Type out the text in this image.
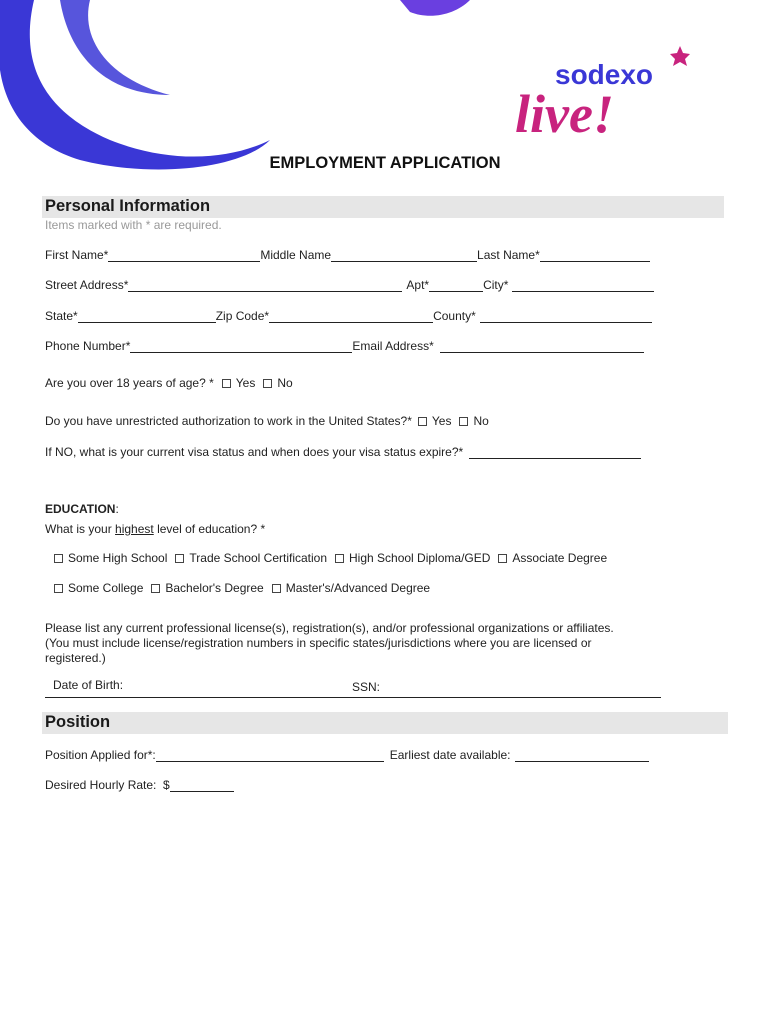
sodexo
live!
EMPLOYMENT APPLICATION
Personal Information
Items marked with * are required.
First Name*	Middle Name	Last Name*
Street Address*	Apt*	City*
State*	Zip Code*	County*
Phone Number*	Email Address*
Are you over 18 years of age? * Yes No
Do you have unrestricted authorization to work in the United States?* Yes No
If NO, what is your current visa status and when does your visa status expire?*
EDUCATION :
What is your highest level of education? *
Some High School Trade School Certification High School Diploma/GED Associate Degree
Some College Bachelor's Degree Master's/Advanced Degree
Please list any current professional license(s), registration(s), and/or professional organizations or affiliates.
(You must include license/registration numbers in specific states/jurisdictions where you are licensed or
registered.)
Date of Birth:	SSN:
Position
Position Applied for*:	Earliest date available:
Desired Hourly Rate:  $
